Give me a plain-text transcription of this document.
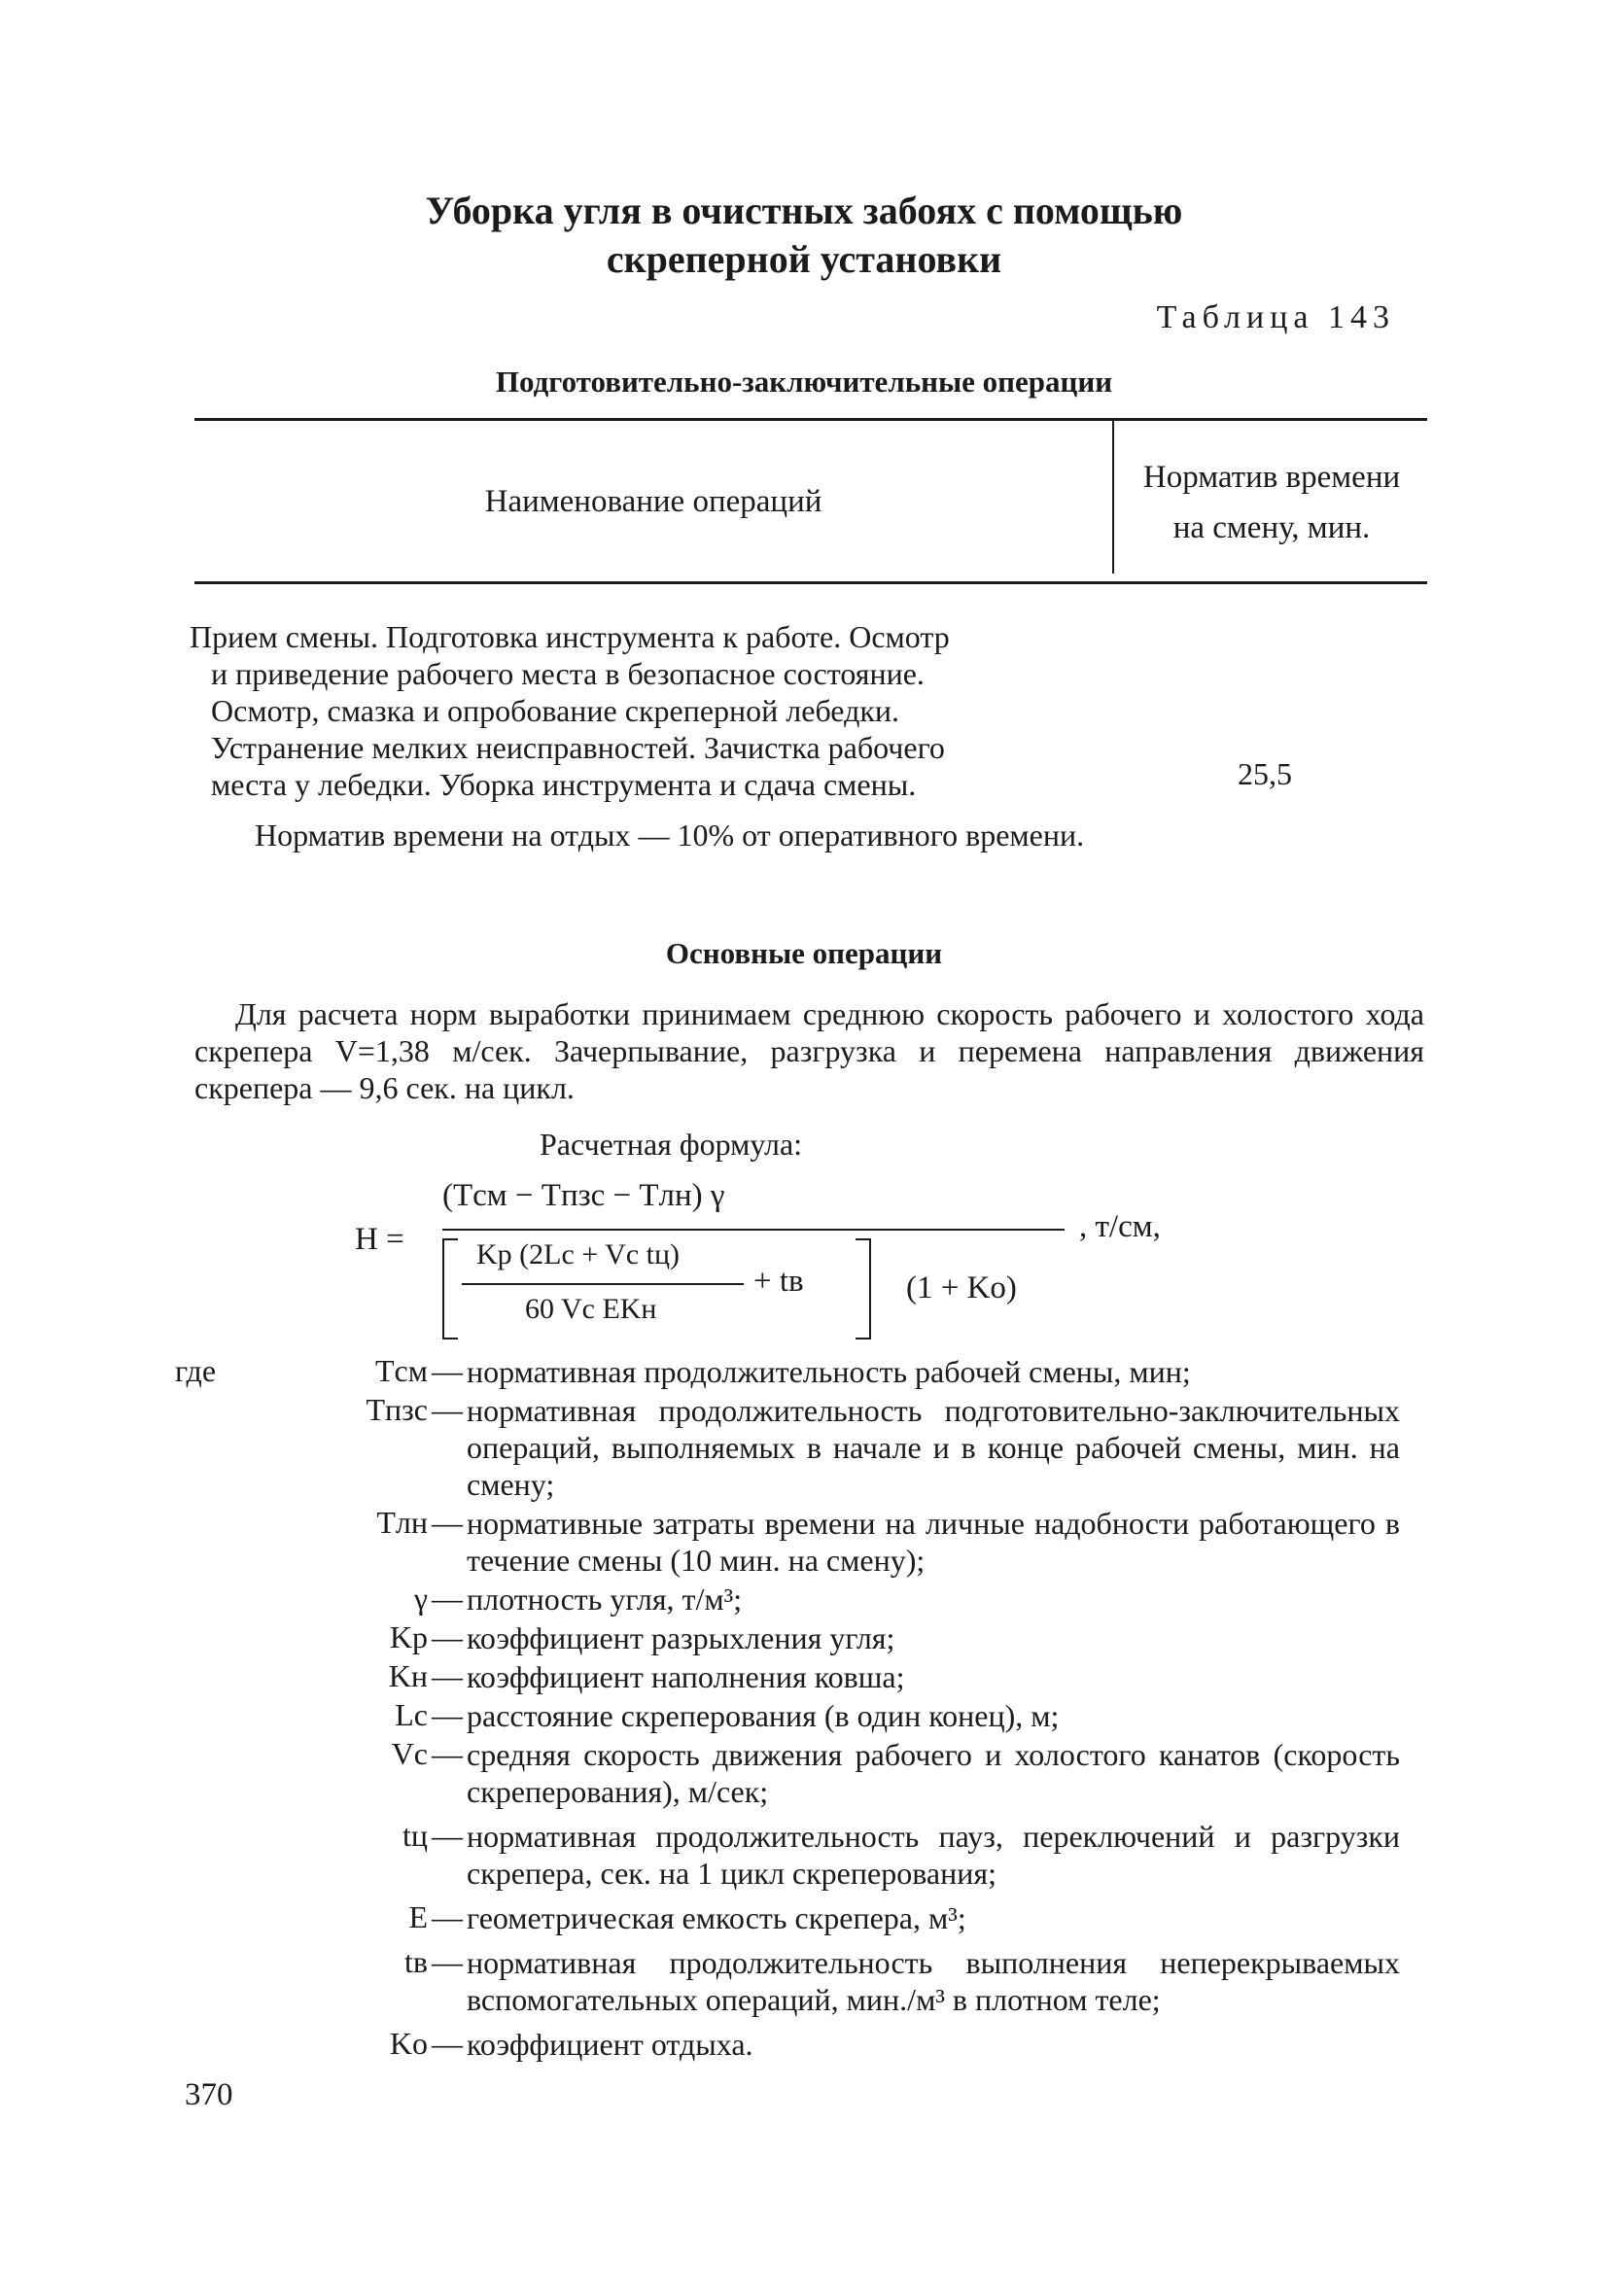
Уборка угля в очистных забоях с помощью
скреперной установки
Таблица 143
Подготовительно-заключительные операции
Наименование операций
Норматив времени
на смену, мин.
Прием смены. Подготовка инструмента к работе. Осмотр
и приведение рабочего места в безопасное состояние.
Осмотр, смазка и опробование скреперной лебедки.
Устранение мелких неисправностей. Зачистка рабочего
места у лебедки. Уборка инструмента и сдача смены.	25,5
Норматив времени на отдых — 10% от оперативного времени.
Основные операции
Для расчета норм выработки принимаем среднюю скорость рабочего и холостого хода скрепера V=1,38 м/сек. Зачерпывание, разгрузка и перемена направления движения скрепера — 9,6 сек. на цикл.
Расчетная формула:
H =
(Tсм − Tпзс − Tлн) γ
, т/см,
Kр (2Lc + Vc tц)
60 Vc EKн
+ tв	(1 + Ko)
где	Tсм — нормативная продолжительность рабочей смены, мин;
Tпзс — нормативная продолжительность подготовительно-заключительных операций, выполняемых в начале и в конце рабочей смены, мин. на смену;
Tлн — нормативные затраты времени на личные надобности работающего в течение смены (10 мин. на смену);
γ — плотность угля, т/м³;
Kр — коэффициент разрыхления угля;
Kн — коэффициент наполнения ковша;
Lс — расстояние скреперования (в один конец), м;
Vс — средняя скорость движения рабочего и холостого канатов (скорость скреперования), м/сек;
tц — нормативная продолжительность пауз, переключений и разгрузки скрепера, сек. на 1 цикл скреперования;
E — геометрическая емкость скрепера, м³;
tв — нормативная продолжительность выполнения неперекрываемых вспомогательных операций, мин./м³ в плотном теле;
Ko — коэффициент отдыха.
370
